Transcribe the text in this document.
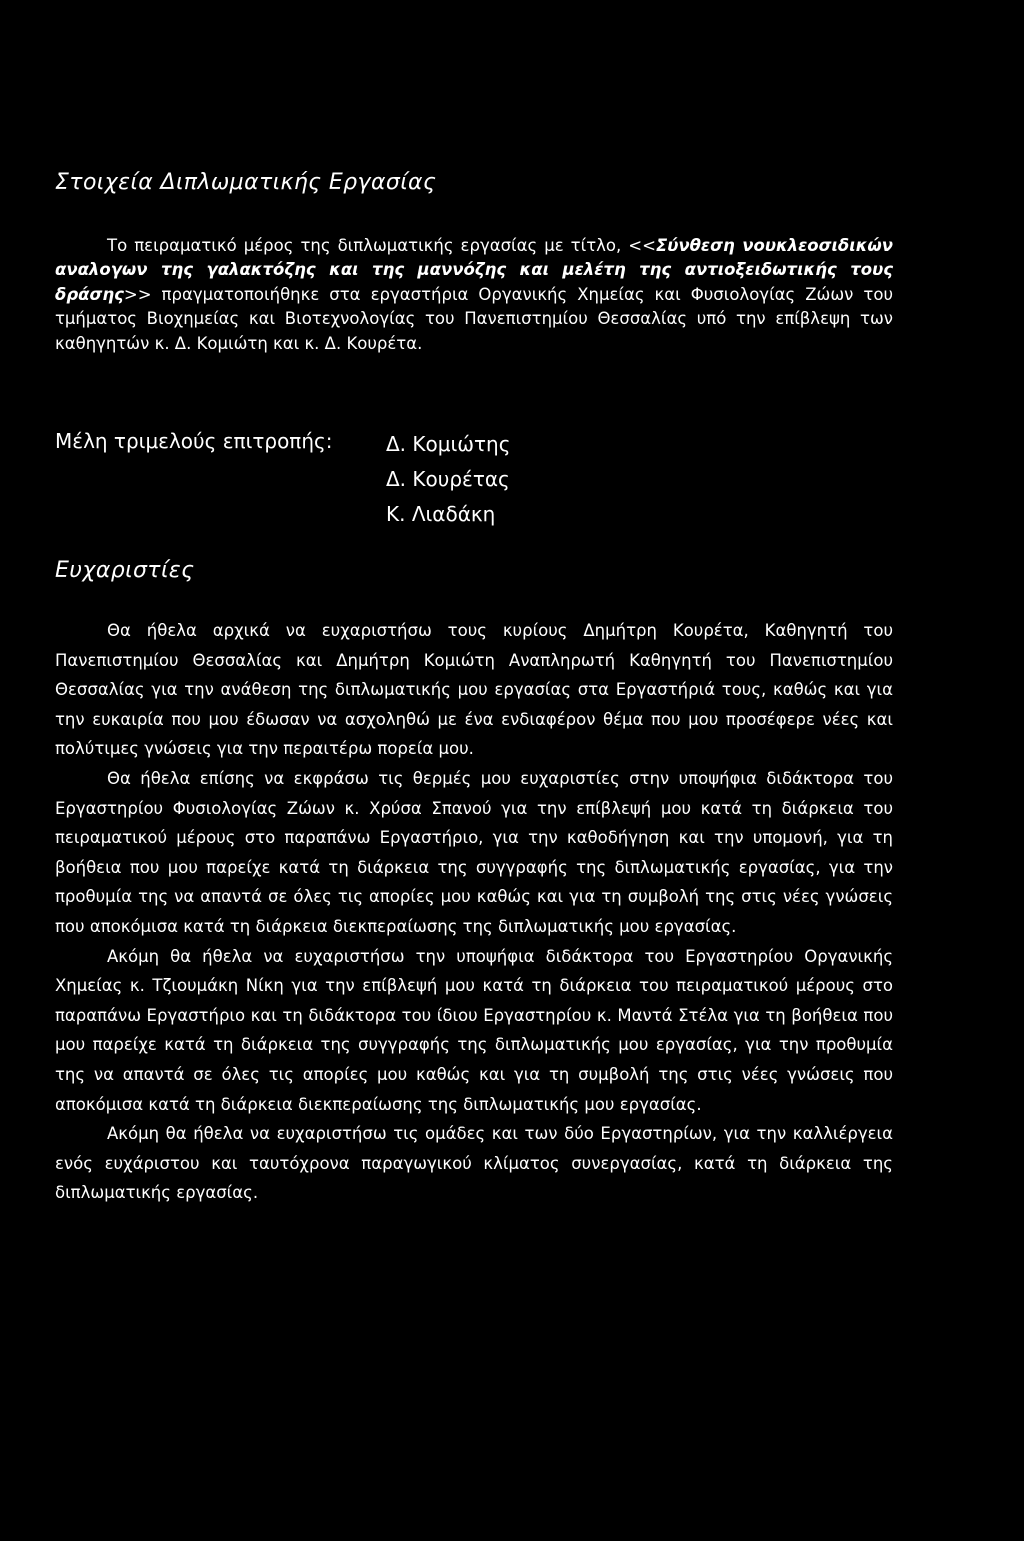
Στοιχεία Διπλωματικής Εργασίας

Το πειραματικό μέρος της διπλωματικής εργασίας με τίτλο, <<Σύνθεση νουκλεοσιδικών αναλογων της γαλακτόζης και της μαννόζης και μελέτη της αντιοξειδωτικής τους δράσης>> πραγματοποιήθηκε στα εργαστήρια Οργανικής Χημείας και Φυσιολογίας Ζώων του τμήματος Βιοχημείας και Βιοτεχνολογίας του Πανεπιστημίου Θεσσαλίας υπό την επίβλεψη των καθηγητών κ. Δ. Κομιώτη και κ. Δ. Κουρέτα.

Μέλη τριμελούς επιτροπής:	Δ. Κομιώτης
Δ. Κουρέτας
Κ. Λιαδάκη
Ευχαριστίες

Θα ήθελα αρχικά να ευχαριστήσω τους κυρίους Δημήτρη Κουρέτα, Καθηγητή του Πανεπιστημίου Θεσσαλίας και Δημήτρη Κομιώτη Αναπληρωτή Καθηγητή του Πανεπιστημίου Θεσσαλίας για την ανάθεση της διπλωματικής μου εργασίας στα Εργαστήριά τους, καθώς και για την ευκαιρία που μου έδωσαν να ασχοληθώ με ένα ενδιαφέρον θέμα που μου προσέφερε νέες και πολύτιμες γνώσεις για την περαιτέρω πορεία μου.

Θα ήθελα επίσης να εκφράσω τις θερμές μου ευχαριστίες στην υποψήφια διδάκτορα του Εργαστηρίου Φυσιολογίας Ζώων κ. Χρύσα Σπανού για την επίβλεψή μου κατά τη διάρκεια του πειραματικού μέρους στο παραπάνω Εργαστήριο, για την καθοδήγηση και την υπομονή, για τη βοήθεια που μου παρείχε κατά τη διάρκεια της συγγραφής της διπλωματικής εργασίας, για την προθυμία της να απαντά σε όλες τις απορίες μου καθώς και για τη συμβολή της στις νέες γνώσεις που αποκόμισα κατά τη διάρκεια διεκπεραίωσης της διπλωματικής μου εργασίας.

Ακόμη θα ήθελα να ευχαριστήσω την υποψήφια διδάκτορα του Εργαστηρίου Οργανικής Χημείας κ. Τζιουμάκη Νίκη για την επίβλεψή μου κατά τη διάρκεια του πειραματικού μέρους στο παραπάνω Εργαστήριο και τη διδάκτορα του ίδιου Εργαστηρίου κ. Μαντά Στέλα για τη βοήθεια που μου παρείχε κατά τη διάρκεια της συγγραφής της διπλωματικής μου εργασίας, για την προθυμία της να απαντά σε όλες τις απορίες μου καθώς και για τη συμβολή της στις νέες γνώσεις που αποκόμισα κατά τη διάρκεια διεκπεραίωσης της διπλωματικής μου εργασίας.

Ακόμη θα ήθελα να ευχαριστήσω τις ομάδες και των δύο Εργαστηρίων, για την καλλιέργεια ενός ευχάριστου και ταυτόχρονα παραγωγικού κλίματος συνεργασίας, κατά τη διάρκεια της διπλωματικής εργασίας.
